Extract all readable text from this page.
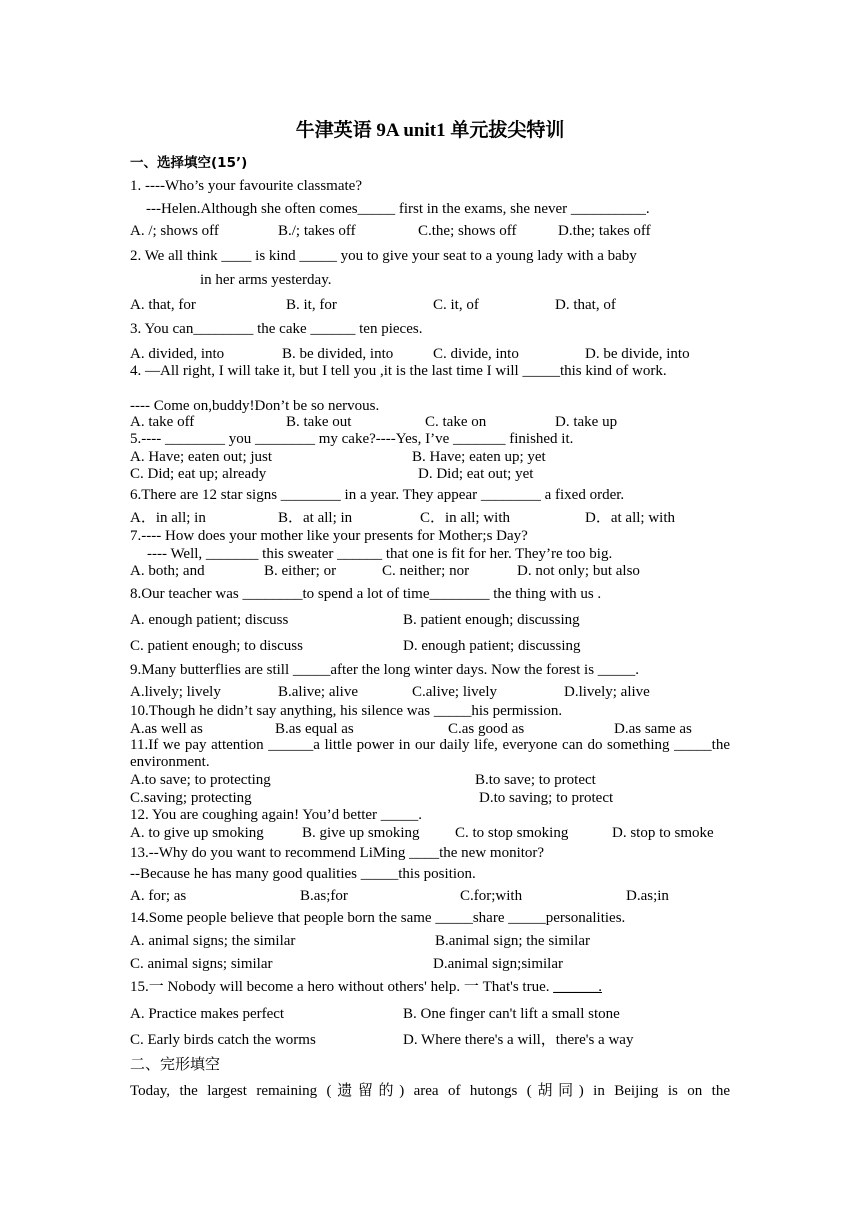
牛津英语 9A unit1 单元拔尖特训
一、选择填空(15’)
1. ----Who’s your favourite classmate?
---Helen.Although she often comes_____ first in the exams, she never __________.
A. /; shows off	B./; takes off	C.the; shows off	D.the; takes off
2. We all think ____ is kind _____ you to give your seat to a young lady with a baby
in her arms yesterday.
A. that, for	B. it, for	C. it, of	D. that, of
3. You can________ the cake ______ ten pieces.
A. divided, into	B. be divided, into	C. divide, into	D. be divide, into
4. —All right, I will take it, but I tell you ,it is the last time I will _____this kind of work.
---- Come on,buddy!Don’t be so nervous.
A. take off	B. take out	C. take on	D. take up
5.---- ________ you ________ my cake?----Yes, I’ve _______ finished it.
A. Have; eaten out; just	B. Have; eaten up; yet
C. Did; eat up; already	D. Did; eat out; yet
6.There are 12 star signs ________ in a year. They appear ________ a fixed order.
A．in all; in	B．at all; in	C．in all; with	D．at all; with
7.---- How does your mother like your presents for Mother;s Day?
---- Well, _______ this sweater ______ that one is fit for her. They’re too big.
A. both; and	B. either; or	C. neither; nor	D. not only; but also
8.Our teacher was ________to spend a lot of time________ the thing with us .
A. enough patient; discuss	B. patient enough; discussing
C. patient enough; to discuss	D. enough patient; discussing
9.Many butterflies are still _____after the long winter days. Now the forest is _____.
A.lively; lively	B.alive; alive	C.alive; lively	D.lively; alive
10.Though he didn’t say anything, his silence was _____his permission.
A.as well as	B.as equal as	C.as good as	D.as same as
11.If we pay attention ______a little power in our daily life, everyone can do something _____the environment.
A.to save; to protecting	B.to save; to protect
C.saving; protecting	D.to saving; to protect
12. You are coughing again! You’d better _____.
A. to give up smoking	B. give up smoking C. to stop smoking	D. stop to smoke
13.--Why do you want to recommend LiMing ____the new monitor?
--Because he has many good qualities _____this position.
A. for; as	B.as;for	C.for;with	D.as;in
14.Some people believe that people born the same _____share _____personalities.
A. animal signs; the similar	B.animal sign; the similar
C. animal signs; similar	D.animal sign;similar
15.一 Nobody will become a hero without others' help. 一 That's true. ______.
A. Practice makes perfect	B. One finger can't lift a small stone
C. Early birds catch the worms	D. Where there's a will，there's a way
二、完形填空
Today, the largest remaining (遗留的) area of hutongs (胡同) in Beijing is on the
